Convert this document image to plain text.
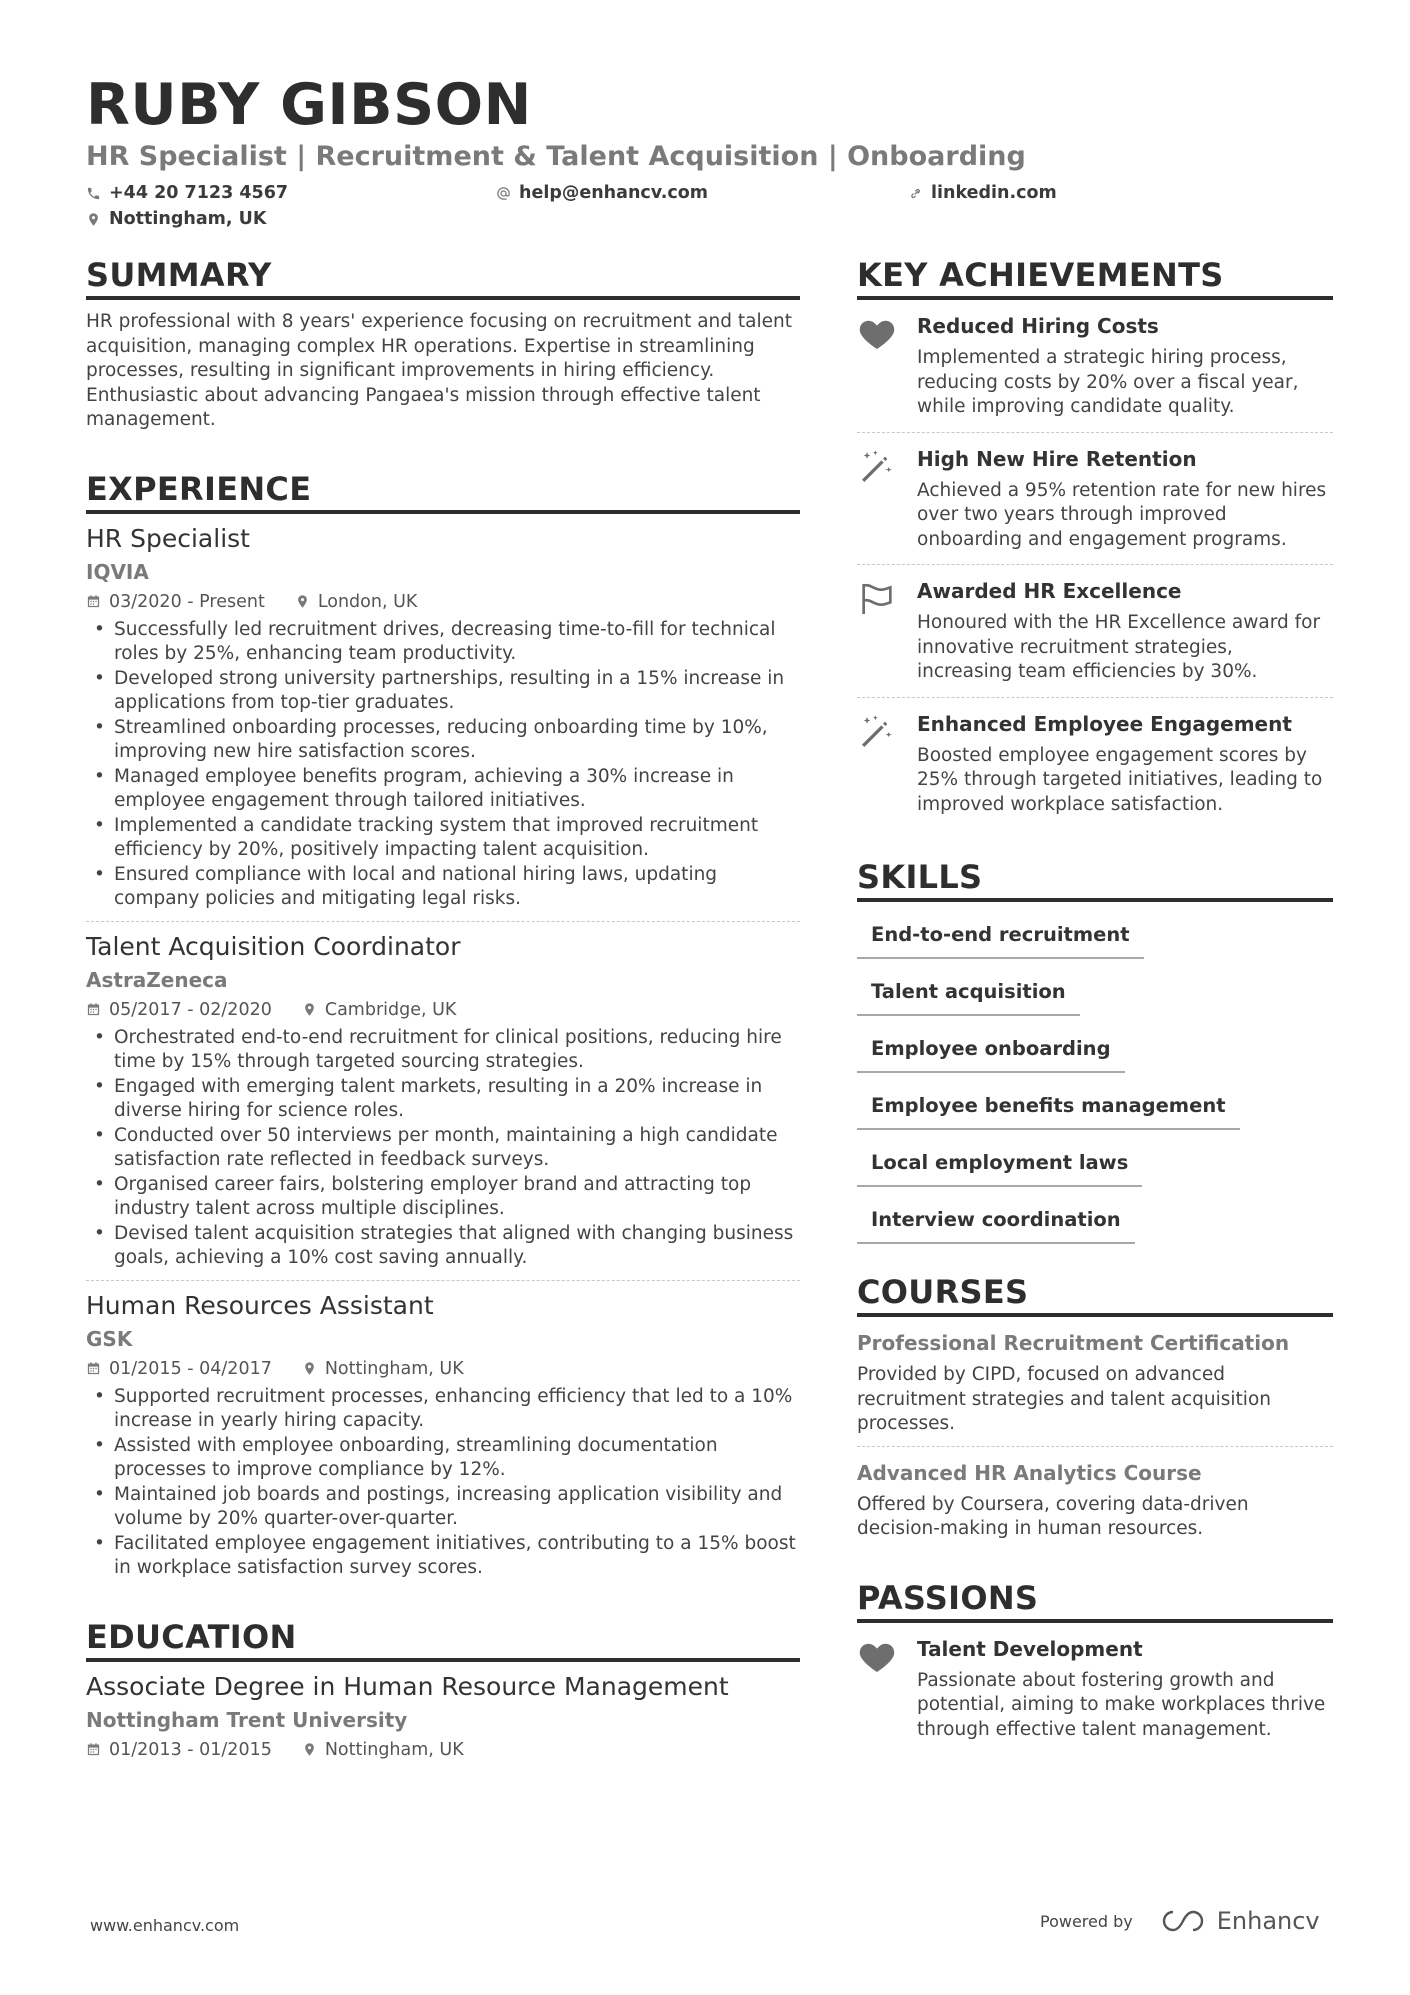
RUBY GIBSON
HR Specialist | Recruitment & Talent Acquisition | Onboarding
+44 20 7123 4567	help@enhancv.com	linkedin.com
Nottingham, UK
SUMMARY
HR professional with 8 years' experience focusing on recruitment and talent acquisition, managing complex HR operations. Expertise in streamlining processes, resulting in significant improvements in hiring efficiency. Enthusiastic about advancing Pangaea's mission through effective talent management.
EXPERIENCE
HR Specialist
IQVIA
03/2020 - Present	London, UK
• Successfully led recruitment drives, decreasing time-to-fill for technical roles by 25%, enhancing team productivity.
• Developed strong university partnerships, resulting in a 15% increase in applications from top-tier graduates.
• Streamlined onboarding processes, reducing onboarding time by 10%, improving new hire satisfaction scores.
• Managed employee benefits program, achieving a 30% increase in employee engagement through tailored initiatives.
• Implemented a candidate tracking system that improved recruitment efficiency by 20%, positively impacting talent acquisition.
• Ensured compliance with local and national hiring laws, updating company policies and mitigating legal risks.
Talent Acquisition Coordinator
AstraZeneca
05/2017 - 02/2020	Cambridge, UK
• Orchestrated end-to-end recruitment for clinical positions, reducing hire time by 15% through targeted sourcing strategies.
• Engaged with emerging talent markets, resulting in a 20% increase in diverse hiring for science roles.
• Conducted over 50 interviews per month, maintaining a high candidate satisfaction rate reflected in feedback surveys.
• Organised career fairs, bolstering employer brand and attracting top industry talent across multiple disciplines.
• Devised talent acquisition strategies that aligned with changing business goals, achieving a 10% cost saving annually.
Human Resources Assistant
GSK
01/2015 - 04/2017	Nottingham, UK
• Supported recruitment processes, enhancing efficiency that led to a 10% increase in yearly hiring capacity.
• Assisted with employee onboarding, streamlining documentation processes to improve compliance by 12%.
• Maintained job boards and postings, increasing application visibility and volume by 20% quarter-over-quarter.
• Facilitated employee engagement initiatives, contributing to a 15% boost in workplace satisfaction survey scores.
EDUCATION
Associate Degree in Human Resource Management
Nottingham Trent University
01/2013 - 01/2015	Nottingham, UK
KEY ACHIEVEMENTS
Reduced Hiring Costs
Implemented a strategic hiring process, reducing costs by 20% over a fiscal year, while improving candidate quality.
High New Hire Retention
Achieved a 95% retention rate for new hires over two years through improved onboarding and engagement programs.
Awarded HR Excellence
Honoured with the HR Excellence award for innovative recruitment strategies, increasing team efficiencies by 30%.
Enhanced Employee Engagement
Boosted employee engagement scores by 25% through targeted initiatives, leading to improved workplace satisfaction.
SKILLS
End-to-end recruitment
Talent acquisition
Employee onboarding
Employee benefits management
Local employment laws
Interview coordination
COURSES
Professional Recruitment Certification
Provided by CIPD, focused on advanced recruitment strategies and talent acquisition processes.
Advanced HR Analytics Course
Offered by Coursera, covering data-driven decision-making in human resources.
PASSIONS
Talent Development
Passionate about fostering growth and potential, aiming to make workplaces thrive through effective talent management.
www.enhancv.com	Powered by	Enhancv
